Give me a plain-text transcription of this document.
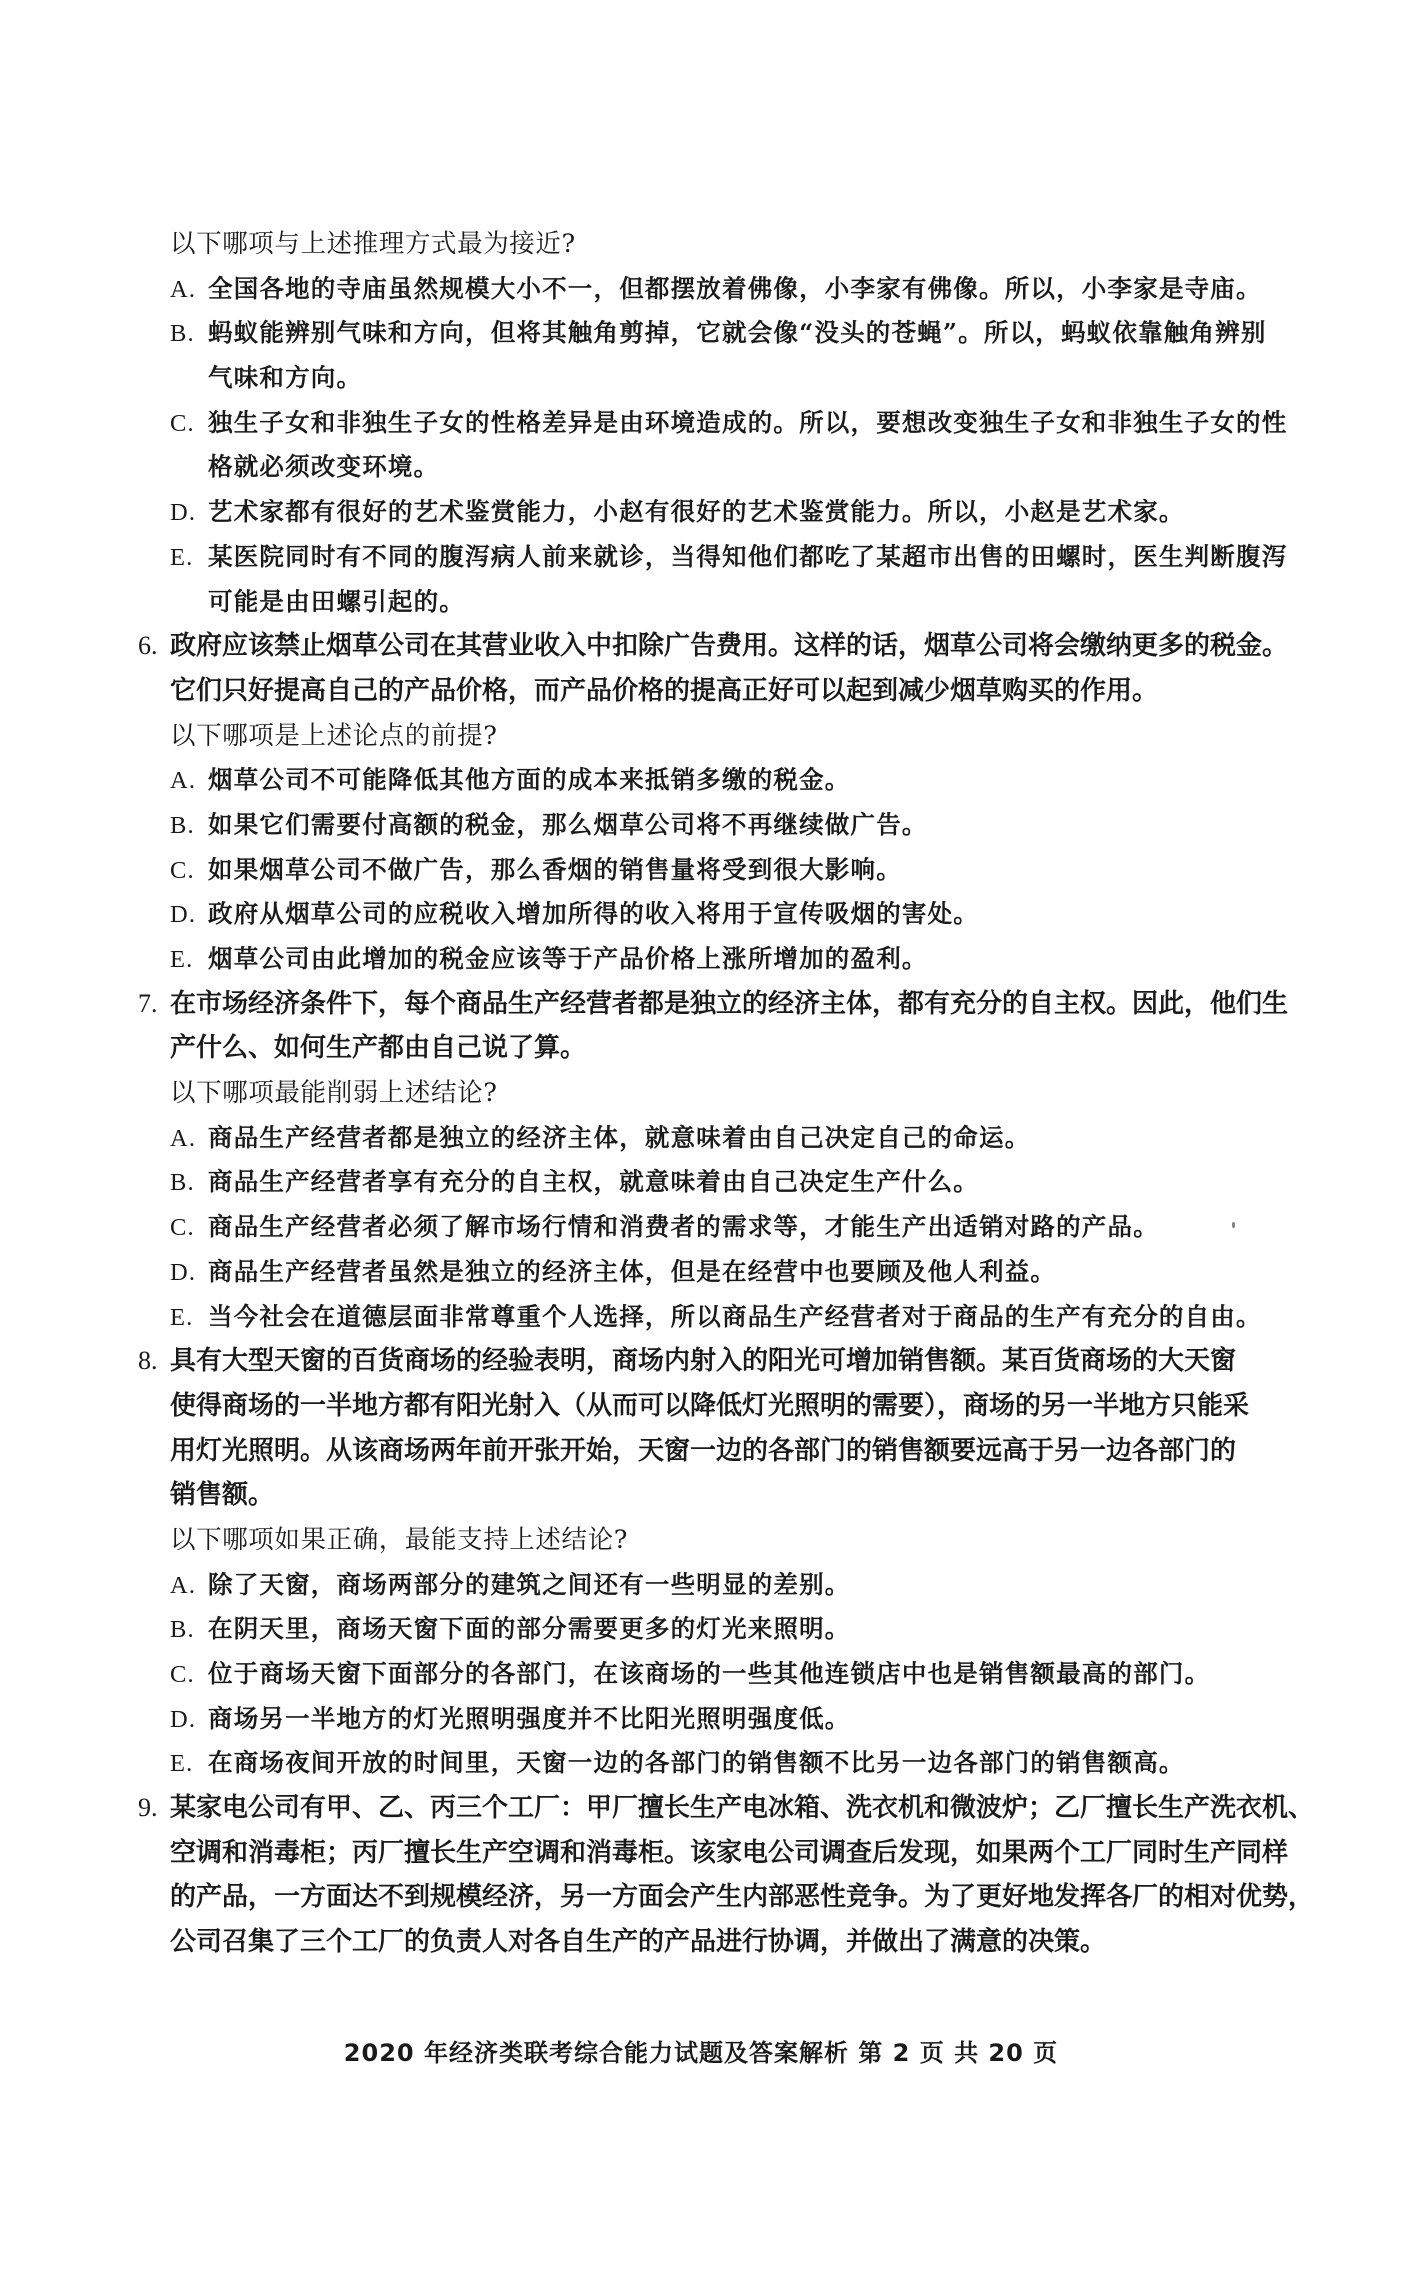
以下哪项与上述推理方式最为接近?
A. 全国各地的寺庙虽然规模大小不一，但都摆放着佛像，小李家有佛像。所以，小李家是寺庙。
B. 蚂蚁能辨别气味和方向，但将其触角剪掉，它就会像“没头的苍蝇”。所以，蚂蚁依靠触角辨别
气味和方向。
C. 独生子女和非独生子女的性格差异是由环境造成的。所以，要想改变独生子女和非独生子女的性
格就必须改变环境。
D. 艺术家都有很好的艺术鉴赏能力，小赵有很好的艺术鉴赏能力。所以，小赵是艺术家。
E. 某医院同时有不同的腹泻病人前来就诊，当得知他们都吃了某超市出售的田螺时，医生判断腹泻
可能是由田螺引起的。
6. 政府应该禁止烟草公司在其营业收入中扣除广告费用。这样的话，烟草公司将会缴纳更多的税金。
它们只好提高自己的产品价格，而产品价格的提高正好可以起到减少烟草购买的作用。
以下哪项是上述论点的前提?
A. 烟草公司不可能降低其他方面的成本来抵销多缴的税金。
B. 如果它们需要付高额的税金，那么烟草公司将不再继续做广告。
C. 如果烟草公司不做广告，那么香烟的销售量将受到很大影响。
D. 政府从烟草公司的应税收入增加所得的收入将用于宣传吸烟的害处。
E. 烟草公司由此增加的税金应该等于产品价格上涨所增加的盈利。
7. 在市场经济条件下，每个商品生产经营者都是独立的经济主体，都有充分的自主权。因此，他们生
产什么、如何生产都由自己说了算。
以下哪项最能削弱上述结论?
A. 商品生产经营者都是独立的经济主体，就意味着由自己决定自己的命运。
B. 商品生产经营者享有充分的自主权，就意味着由自己决定生产什么。
C. 商品生产经营者必须了解市场行情和消费者的需求等，才能生产出适销对路的产品。
D. 商品生产经营者虽然是独立的经济主体，但是在经营中也要顾及他人利益。
E. 当今社会在道德层面非常尊重个人选择，所以商品生产经营者对于商品的生产有充分的自由。
8. 具有大型天窗的百货商场的经验表明，商场内射入的阳光可增加销售额。某百货商场的大天窗
使得商场的一半地方都有阳光射入（从而可以降低灯光照明的需要），商场的另一半地方只能采
用灯光照明。从该商场两年前开张开始，天窗一边的各部门的销售额要远高于另一边各部门的
销售额。
以下哪项如果正确，最能支持上述结论?
A. 除了天窗，商场两部分的建筑之间还有一些明显的差别。
B. 在阴天里，商场天窗下面的部分需要更多的灯光来照明。
C. 位于商场天窗下面部分的各部门，在该商场的一些其他连锁店中也是销售额最高的部门。
D. 商场另一半地方的灯光照明强度并不比阳光照明强度低。
E. 在商场夜间开放的时间里，天窗一边的各部门的销售额不比另一边各部门的销售额高。
9. 某家电公司有甲、乙、丙三个工厂：甲厂擅长生产电冰箱、洗衣机和微波炉；乙厂擅长生产洗衣机、
空调和消毒柜；丙厂擅长生产空调和消毒柜。该家电公司调查后发现，如果两个工厂同时生产同样
的产品，一方面达不到规模经济，另一方面会产生内部恶性竞争。为了更好地发挥各厂的相对优势，
公司召集了三个工厂的负责人对各自生产的产品进行协调，并做出了满意的决策。
2020 年经济类联考综合能力试题及答案解析 第 2 页 共 20 页
